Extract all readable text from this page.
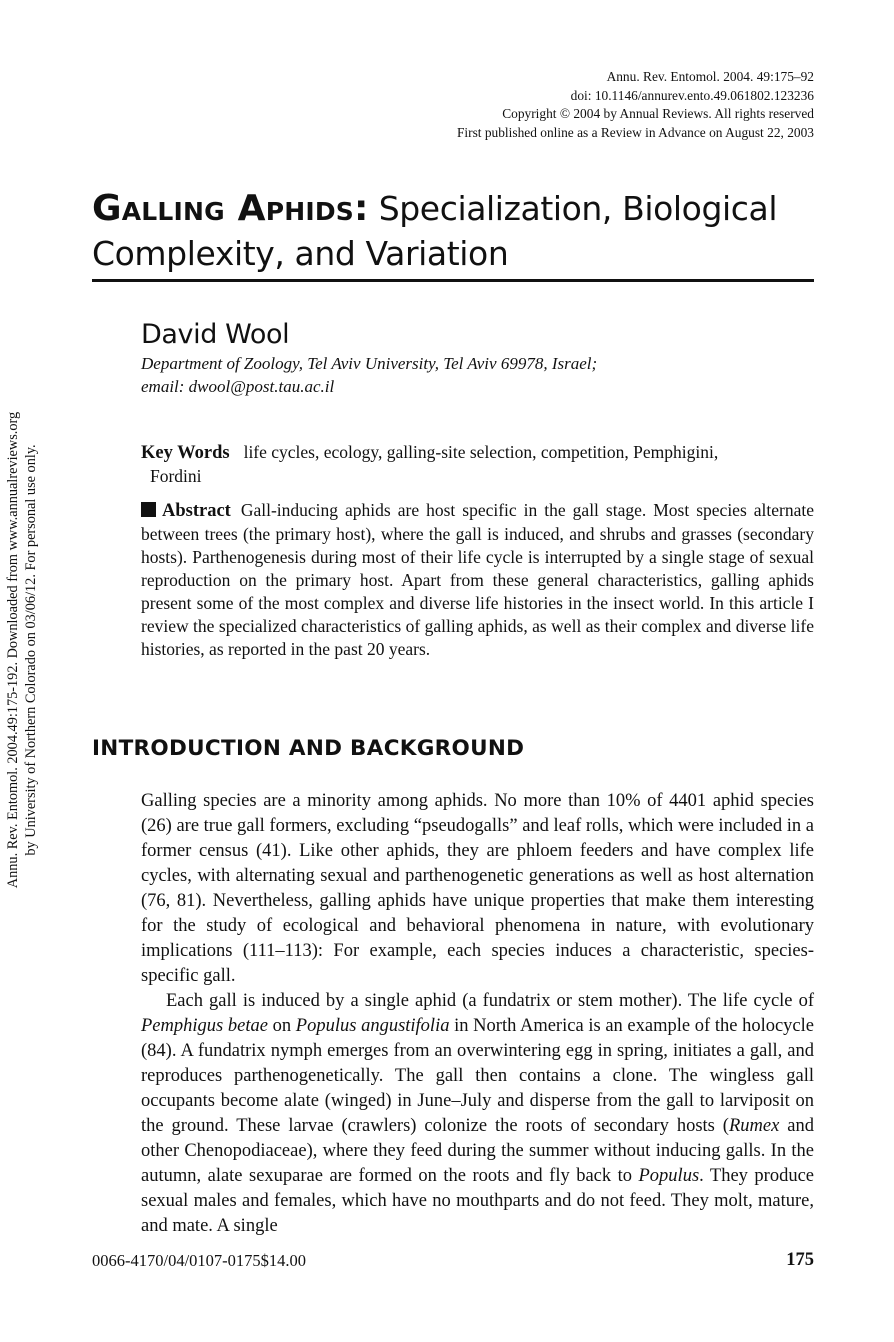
Annu. Rev. Entomol. 2004. 49:175–92
doi: 10.1146/annurev.ento.49.061802.123236
Copyright © 2004 by Annual Reviews. All rights reserved
First published online as a Review in Advance on August 22, 2003
Galling Aphids: Specialization, Biological
Complexity, and Variation
David Wool
Department of Zoology, Tel Aviv University, Tel Aviv 69978, Israel;
email: dwool@post.tau.ac.il
Annu. Rev. Entomol. 2004.49:175-192. Downloaded from www.annualreviews.org by University of Northern Colorado on 03/06/12. For personal use only.	Key Words life cycles, ecology, galling-site selection, competition, Pemphigini,
Fordini
Abstract Gall-inducing aphids are host specific in the gall stage. Most species alternate between trees (the primary host), where the gall is induced, and shrubs and grasses (secondary hosts). Parthenogenesis during most of their life cycle is interrupted by a single stage of sexual reproduction on the primary host. Apart from these general characteristics, galling aphids present some of the most complex and diverse life histories in the insect world. In this article I review the specialized characteristics of galling aphids, as well as their complex and diverse life histories, as reported in the past 20 years.
INTRODUCTION AND BACKGROUND

Galling species are a minority among aphids. No more than 10% of 4401 aphid species (26) are true gall formers, excluding “pseudogalls” and leaf rolls, which were included in a former census (41). Like other aphids, they are phloem feeders and have complex life cycles, with alternating sexual and parthenogenetic generations as well as host alternation (76, 81). Nevertheless, galling aphids have unique properties that make them interesting for the study of ecological and behavioral phenomena in nature, with evolutionary implications (111–113): For example, each species induces a characteristic, species-specific gall.

Each gall is induced by a single aphid (a fundatrix or stem mother). The life cycle of Pemphigus betae on Populus angustifolia in North America is an example of the holocycle (84). A fundatrix nymph emerges from an overwintering egg in spring, initiates a gall, and reproduces parthenogenetically. The gall then contains a clone. The wingless gall occupants become alate (winged) in June–July and disperse from the gall to larviposit on the ground. These larvae (crawlers) colonize the roots of secondary hosts (Rumex and other Chenopodiaceae), where they feed during the summer without inducing galls. In the autumn, alate sexuparae are formed on the roots and fly back to Populus. They produce sexual males and females, which have no mouthparts and do not feed. They molt, mature, and mate. A single

0066-4170/04/0107-0175$14.00	175
